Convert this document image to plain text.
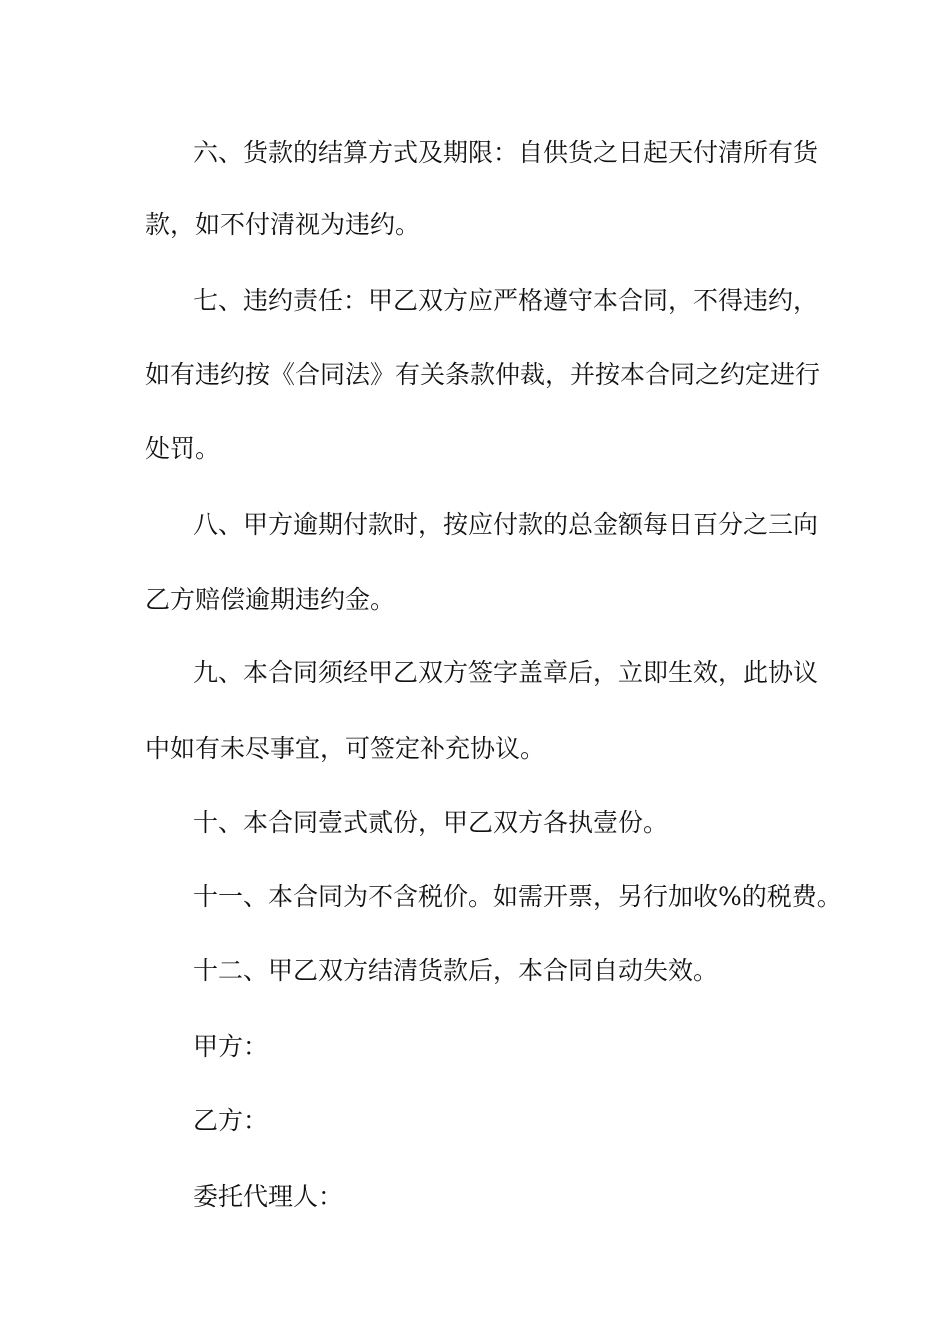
六、货款的结算方式及期限：自供货之日起天付清所有货
款，如不付清视为违约。
七、违约责任：甲乙双方应严格遵守本合同，不得违约，
如有违约按《合同法》有关条款仲裁，并按本合同之约定进行
处罚。
八、甲方逾期付款时，按应付款的总金额每日百分之三向
乙方赔偿逾期违约金。
九、本合同须经甲乙双方签字盖章后，立即生效，此协议
中如有未尽事宜，可签定补充协议。
十、本合同壹式贰份，甲乙双方各执壹份。
十一、本合同为不含税价。如需开票，另行加收%的税费。
十二、甲乙双方结清货款后，本合同自动失效。
甲方：
乙方：
委托代理人：
